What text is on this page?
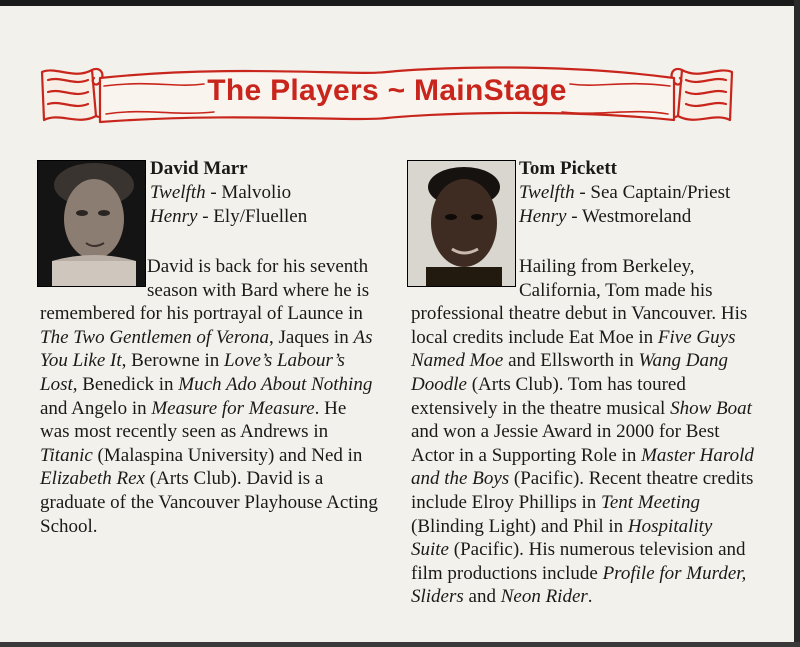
The Players ~ MainStage
David Marr
Twelfth - Malvolio
Henry - Ely/Fluellen
David is back for his seventh
season with Bard where he is
remembered for his portrayal of Launce in The Two Gentlemen of Verona, Jaques in As You Like It, Berowne in Love’s Labour’s Lost, Benedick in Much Ado About Nothing and Angelo in Measure for Measure. He was most recently seen as Andrews in Titanic (Malaspina University) and Ned in Elizabeth Rex (Arts Club). David is a graduate of the Vancouver Playhouse Acting School.
Tom Pickett
Twelfth - Sea Captain/Priest
Henry - Westmoreland
Hailing from Berkeley,
California, Tom made his
professional theatre debut in Vancouver. His local credits include Eat Moe in Five Guys Named Moe and Ellsworth in Wang Dang Doodle (Arts Club). Tom has toured extensively in the theatre musical Show Boat and won a Jessie Award in 2000 for Best Actor in a Supporting Role in Master Harold and the Boys (Pacific). Recent theatre credits include Elroy Phillips in Tent Meeting (Blinding Light) and Phil in Hospitality Suite (Pacific). His numerous television and film productions include Profile for Murder, Sliders and Neon Rider.
